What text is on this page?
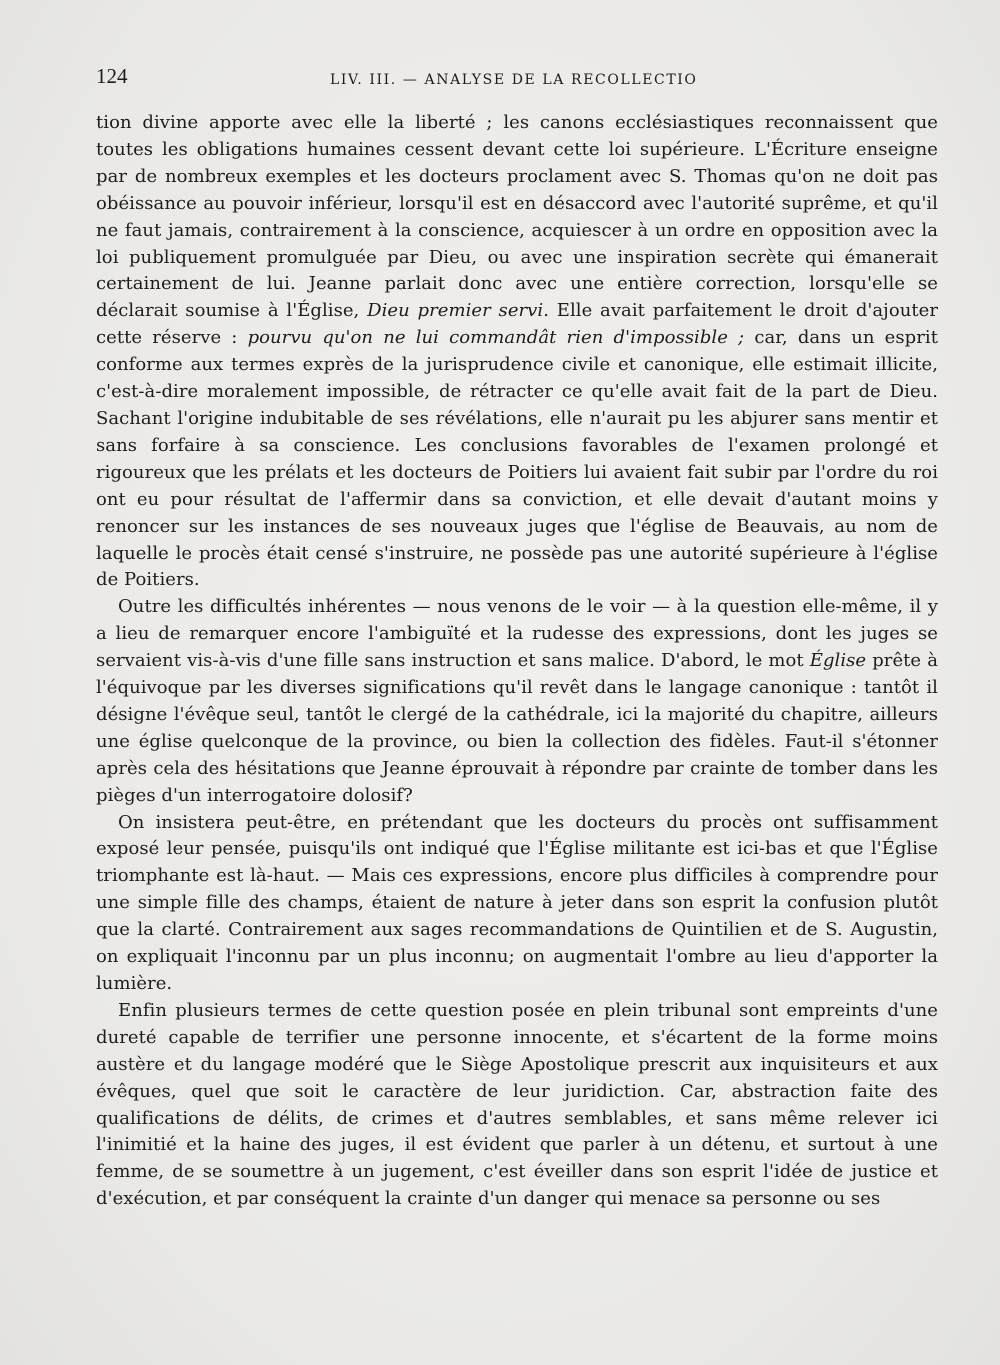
124	LIV. III. — ANALYSE DE LA RECOLLECTIO

tion divine apporte avec elle la liberté ; les canons ecclésiastiques reconnaissent que toutes les obligations humaines cessent devant cette loi supérieure. L'Écriture enseigne par de nombreux exemples et les docteurs proclament avec S. Thomas qu'on ne doit pas obéissance au pouvoir inférieur, lorsqu'il est en désaccord avec l'autorité suprême, et qu'il ne faut jamais, contrairement à la conscience, acquiescer à un ordre en opposition avec la loi publiquement promulguée par Dieu, ou avec une inspiration secrète qui émanerait certainement de lui. Jeanne parlait donc avec une entière correction, lorsqu'elle se déclarait soumise à l'Église, Dieu premier servi. Elle avait parfaitement le droit d'ajouter cette réserve : pourvu qu'on ne lui commandât rien d'impossible ; car, dans un esprit conforme aux termes exprès de la jurisprudence civile et canonique, elle estimait illicite, c'est-à-dire moralement impossible, de rétracter ce qu'elle avait fait de la part de Dieu. Sachant l'origine indubitable de ses révélations, elle n'aurait pu les abjurer sans mentir et sans forfaire à sa conscience. Les conclusions favorables de l'examen prolongé et rigoureux que les prélats et les docteurs de Poitiers lui avaient fait subir par l'ordre du roi ont eu pour résultat de l'affermir dans sa conviction, et elle devait d'autant moins y renoncer sur les instances de ses nouveaux juges que l'église de Beauvais, au nom de laquelle le procès était censé s'instruire, ne possède pas une autorité supérieure à l'église de Poitiers.

Outre les difficultés inhérentes — nous venons de le voir — à la question elle-même, il y a lieu de remarquer encore l'ambiguïté et la rudesse des expressions, dont les juges se servaient vis-à-vis d'une fille sans instruction et sans malice. D'abord, le mot Église prête à l'équivoque par les diverses significations qu'il revêt dans le langage canonique : tantôt il désigne l'évêque seul, tantôt le clergé de la cathédrale, ici la majorité du chapitre, ailleurs une église quelconque de la province, ou bien la collection des fidèles. Faut-il s'étonner après cela des hésitations que Jeanne éprouvait à répondre par crainte de tomber dans les pièges d'un interrogatoire dolosif?

On insistera peut-être, en prétendant que les docteurs du procès ont suffisamment exposé leur pensée, puisqu'ils ont indiqué que l'Église militante est ici-bas et que l'Église triomphante est là-haut. — Mais ces expressions, encore plus difficiles à comprendre pour une simple fille des champs, étaient de nature à jeter dans son esprit la confusion plutôt que la clarté. Contrairement aux sages recommandations de Quintilien et de S. Augustin, on expliquait l'inconnu par un plus inconnu; on augmentait l'ombre au lieu d'apporter la lumière.

Enfin plusieurs termes de cette question posée en plein tribunal sont empreints d'une dureté capable de terrifier une personne innocente, et s'écartent de la forme moins austère et du langage modéré que le Siège Apostolique prescrit aux inquisiteurs et aux évêques, quel que soit le caractère de leur juridiction. Car, abstraction faite des qualifications de délits, de crimes et d'autres semblables, et sans même relever ici l'inimitié et la haine des juges, il est évident que parler à un détenu, et surtout à une femme, de se soumettre à un jugement, c'est éveiller dans son esprit l'idée de justice et d'exécution, et par conséquent la crainte d'un danger qui menace sa personne ou ses
